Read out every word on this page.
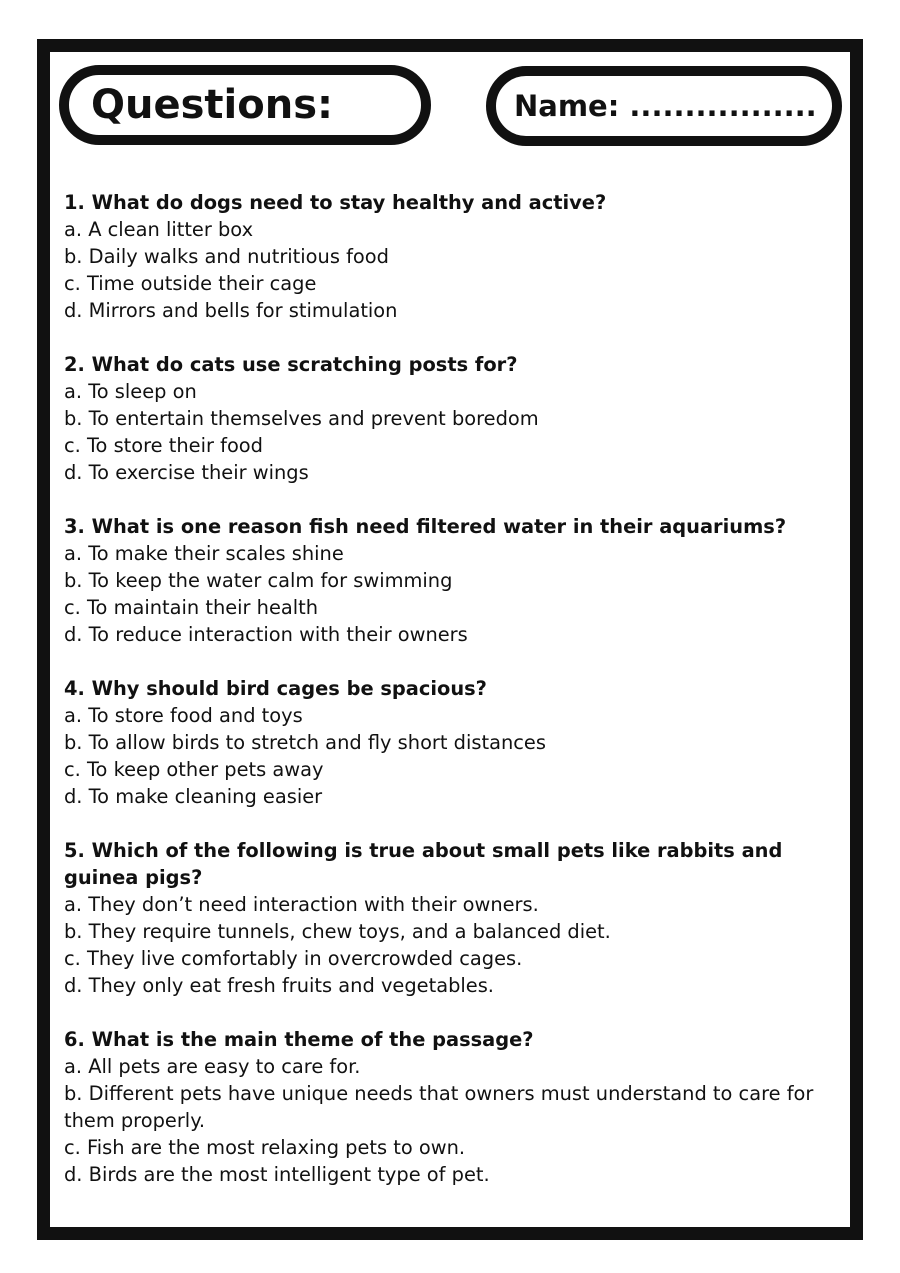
Questions:	Name: .................

1. What do dogs need to stay healthy and active?

a. A clean litter box

b. Daily walks and nutritious food

c. Time outside their cage

d. Mirrors and bells for stimulation

2. What do cats use scratching posts for?

a. To sleep on

b. To entertain themselves and prevent boredom

c. To store their food

d. To exercise their wings

3. What is one reason fish need filtered water in their aquariums?

a. To make their scales shine

b. To keep the water calm for swimming

c. To maintain their health

d. To reduce interaction with their owners

4. Why should bird cages be spacious?

a. To store food and toys

b. To allow birds to stretch and fly short distances

c. To keep other pets away

d. To make cleaning easier

5. Which of the following is true about small pets like rabbits and guinea pigs?

a. They don’t need interaction with their owners.

b. They require tunnels, chew toys, and a balanced diet.

c. They live comfortably in overcrowded cages.

d. They only eat fresh fruits and vegetables.

6. What is the main theme of the passage?

a. All pets are easy to care for.

b. Different pets have unique needs that owners must understand to care for them properly.

c. Fish are the most relaxing pets to own.

d. Birds are the most intelligent type of pet.
